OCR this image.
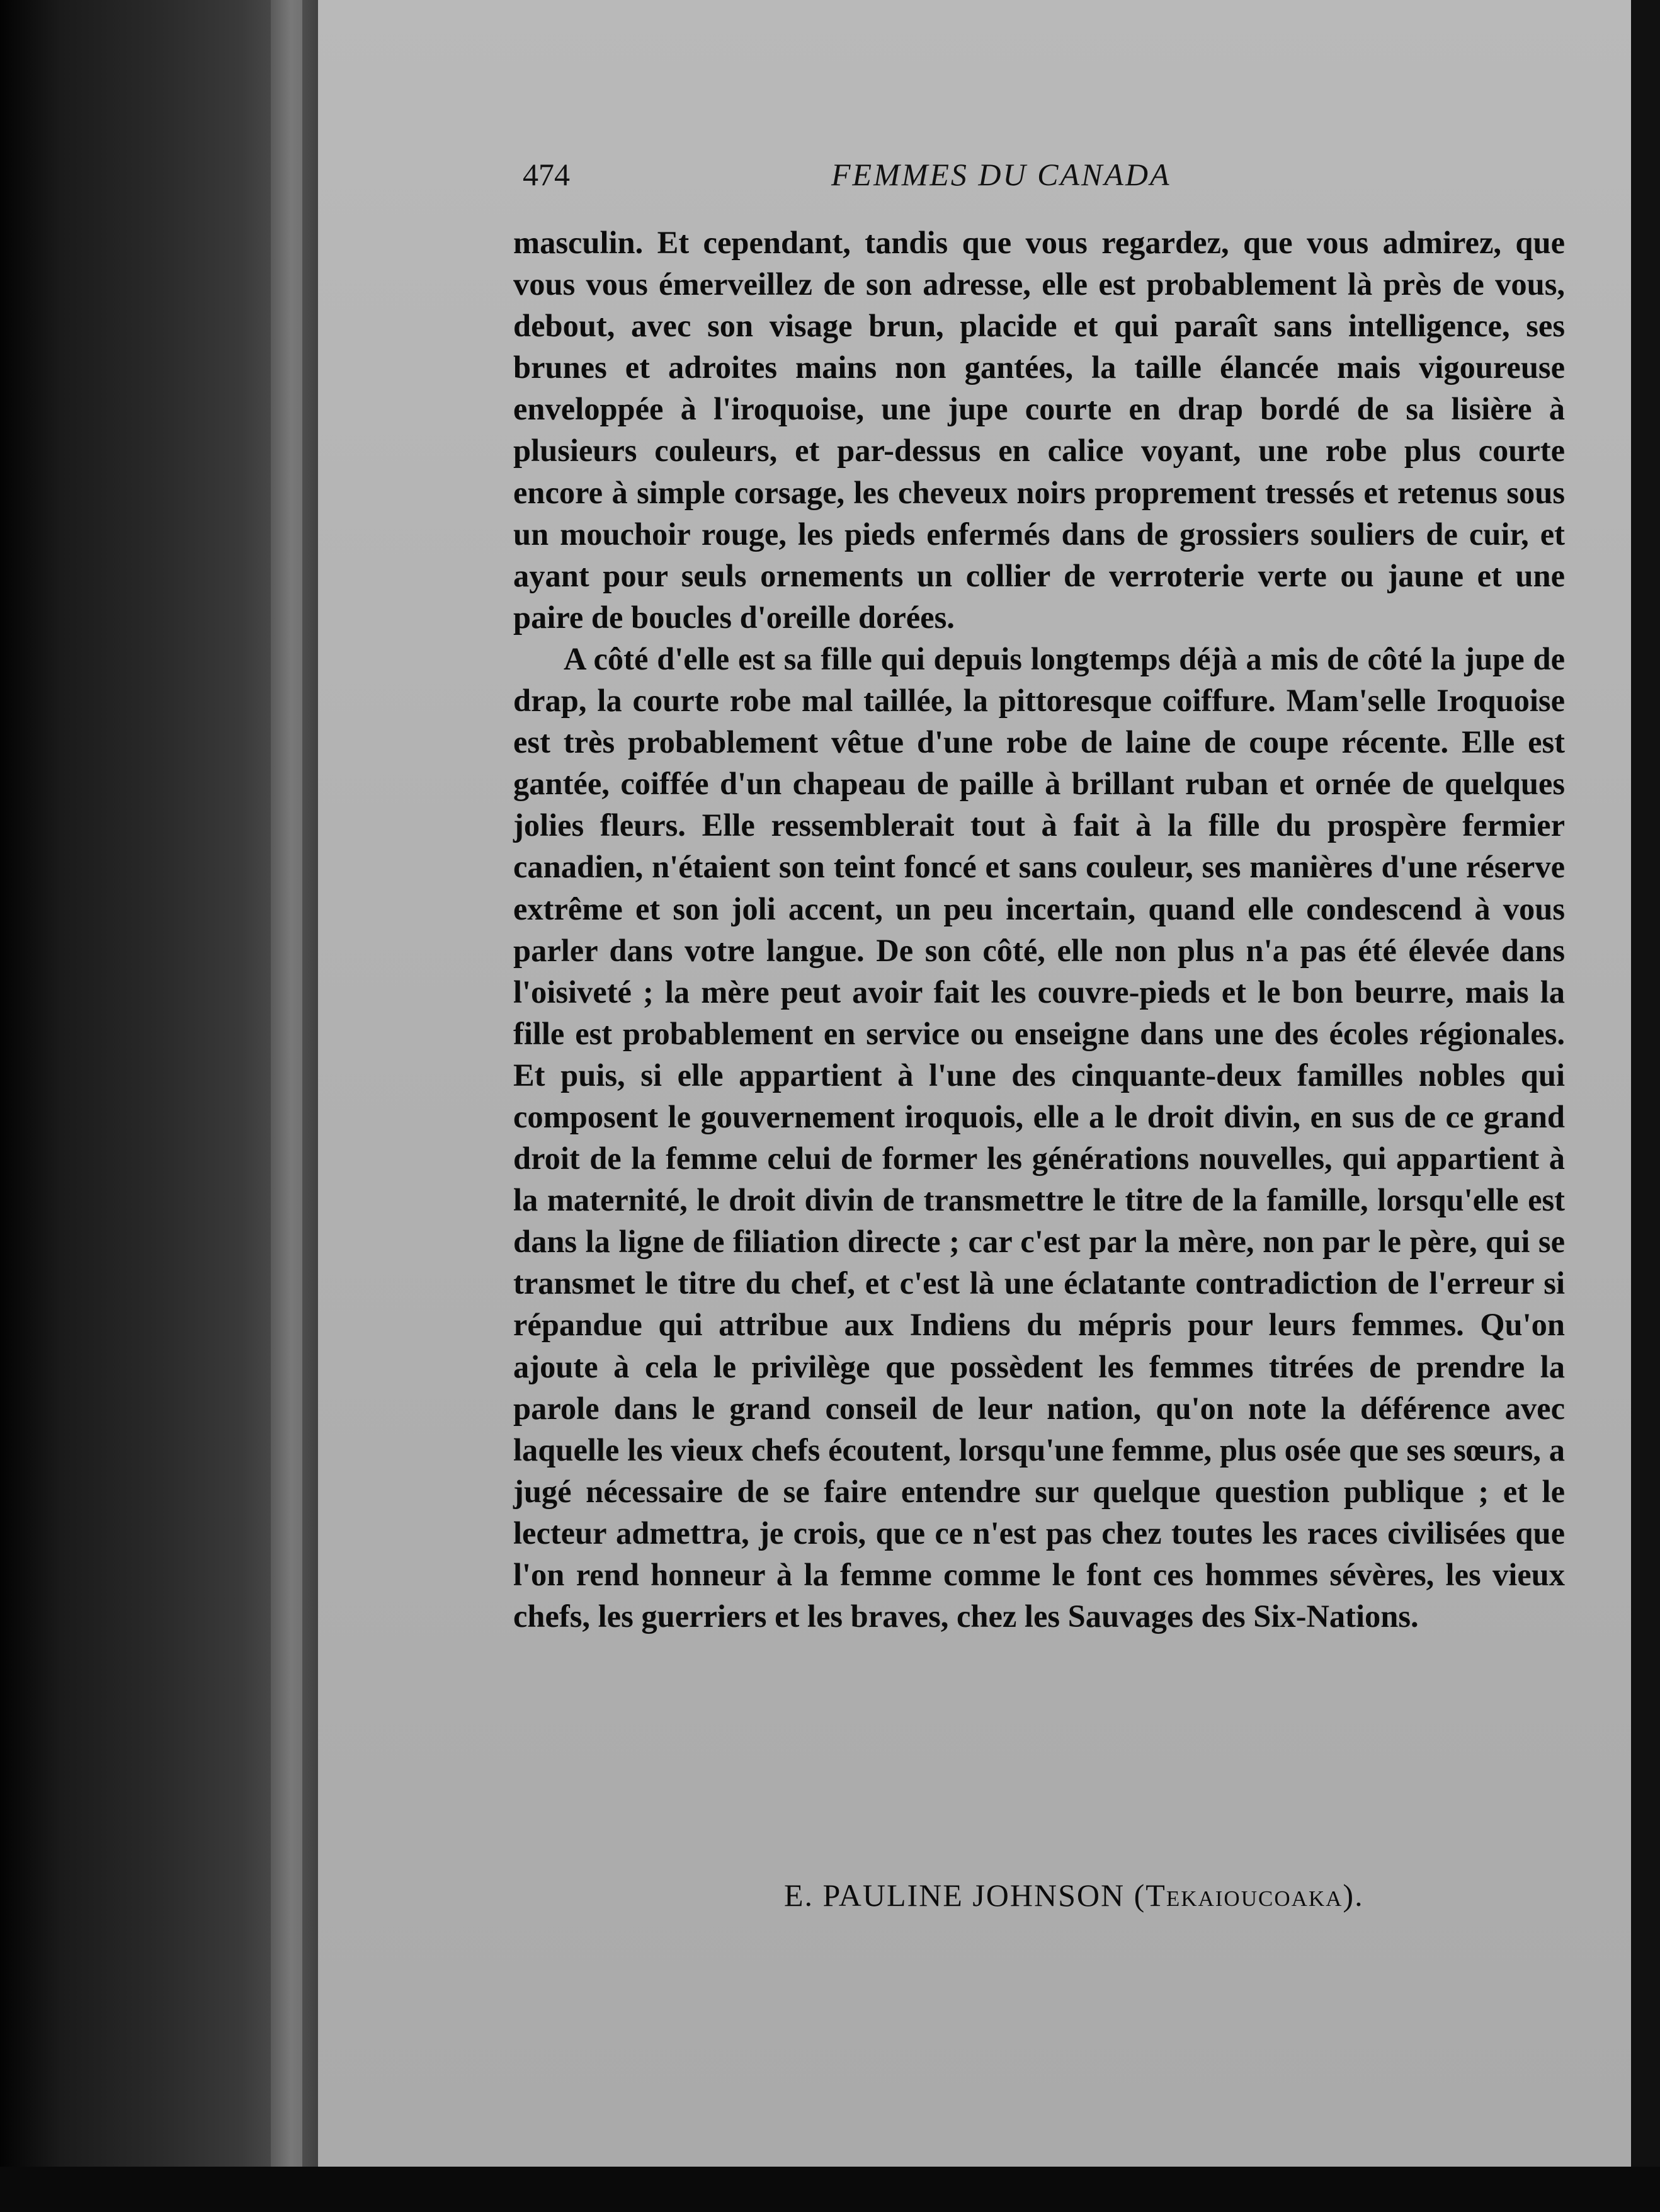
474	FEMMES DU CANADA

masculin. Et cependant, tandis que vous regardez, que vous admirez, que vous vous émerveillez de son adresse, elle est probablement là près de vous, debout, avec son visage brun, placide et qui paraît sans intelligence, ses brunes et adroites mains non gantées, la taille élancée mais vigoureuse enveloppée à l'iroquoise, une jupe courte en drap bordé de sa lisière à plusieurs couleurs, et par-dessus en calice voyant, une robe plus courte encore à simple corsage, les cheveux noirs proprement tressés et retenus sous un mouchoir rouge, les pieds enfermés dans de grossiers souliers de cuir, et ayant pour seuls ornements un collier de verroterie verte ou jaune et une paire de boucles d'oreille dorées.

A côté d'elle est sa fille qui depuis longtemps déjà a mis de côté la jupe de drap, la courte robe mal taillée, la pittoresque coiffure. Mam'selle Iroquoise est très probablement vêtue d'une robe de laine de coupe récente. Elle est gantée, coiffée d'un chapeau de paille à brillant ruban et ornée de quelques jolies fleurs. Elle ressemblerait tout à fait à la fille du prospère fermier canadien, n'étaient son teint foncé et sans couleur, ses manières d'une réserve extrême et son joli accent, un peu incertain, quand elle condescend à vous parler dans votre langue. De son côté, elle non plus n'a pas été élevée dans l'oisiveté ; la mère peut avoir fait les couvre-pieds et le bon beurre, mais la fille est probablement en service ou enseigne dans une des écoles régionales. Et puis, si elle appartient à l'une des cinquante-deux familles nobles qui composent le gouvernement iroquois, elle a le droit divin, en sus de ce grand droit de la femme celui de former les générations nouvelles, qui appartient à la maternité, le droit divin de transmettre le titre de la famille, lorsqu'elle est dans la ligne de filiation directe ; car c'est par la mère, non par le père, qui se transmet le titre du chef, et c'est là une éclatante contradiction de l'erreur si répandue qui attribue aux Indiens du mépris pour leurs femmes. Qu'on ajoute à cela le privilège que possèdent les femmes titrées de prendre la parole dans le grand conseil de leur nation, qu'on note la déférence avec laquelle les vieux chefs écoutent, lorsqu'une femme, plus osée que ses sœurs, a jugé nécessaire de se faire entendre sur quelque question publique ; et le lecteur admettra, je crois, que ce n'est pas chez toutes les races civilisées que l'on rend honneur à la femme comme le font ces hommes sévères, les vieux chefs, les guerriers et les braves, chez les Sauvages des Six-Nations.

E. PAULINE JOHNSON (Tekaioucoaka).
